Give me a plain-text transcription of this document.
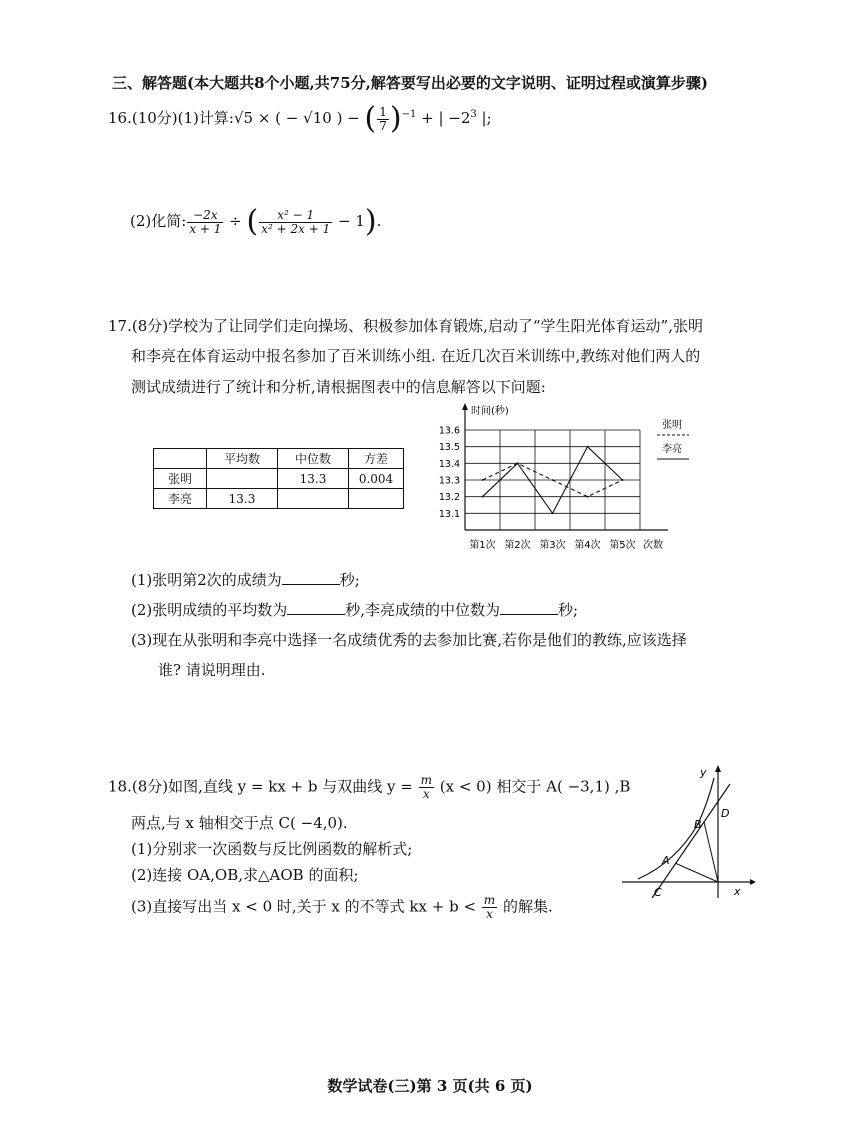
三、解答题(本大题共8个小题,共75分,解答要写出必要的文字说明、证明过程或演算步骤)
16.(10分)(1)计算:√5 × ( − √10 ) − ( $\frac{1}{7} )^{-1}$ + | $-2^3$ |;
(2)化简: $\frac{-2x}{x + 1}$ ÷ ( $\frac{\text{x² − 1}}{\text{x² + 2x + 1}} - 1$).
17.(8分)学校为了让同学们走向操场、积极参加体育锻炼,启动了“学生阳光体育运动”,张明
和李亮在体育运动中报名参加了百米训练小组. 在近几次百米训练中,教练对他们两人的
测试成绩进行了统计和分析,请根据图表中的信息解答以下问题:
	平均数	中位数	方差
张明		13.3	0.004
李亮	13.3		
时间(秒)
次数
13.6
13.5
13.4
13.3
13.2
13.1
第1次 第2次 第3次 第4次 第5次
张明
李亮
(1)张明第2次的成绩为	秒;
(2)张明成绩的平均数为	秒,李亮成绩的中位数为	秒;
(3)现在从张明和李亮中选择一名成绩优秀的去参加比赛,若你是他们的教练,应该选择
谁? 请说明理由.
18.(8分)如图,直线 y = kx + b 与双曲线 $y = \frac{m}{x} (x < 0)$ 相交于 A( −3,1) ,B
两点,与 x 轴相交于点 C( −4,0).
(1)分别求一次函数与反比例函数的解析式;
(2)连接 OA,OB,求△AOB 的面积;
(3)直接写出当 x < 0 时,关于 x 的不等式 kx + $b < \frac{m}{x}$ 的解集.
y
x
A
B
C
D
数学试卷(三)第 3 页(共 6 页)
